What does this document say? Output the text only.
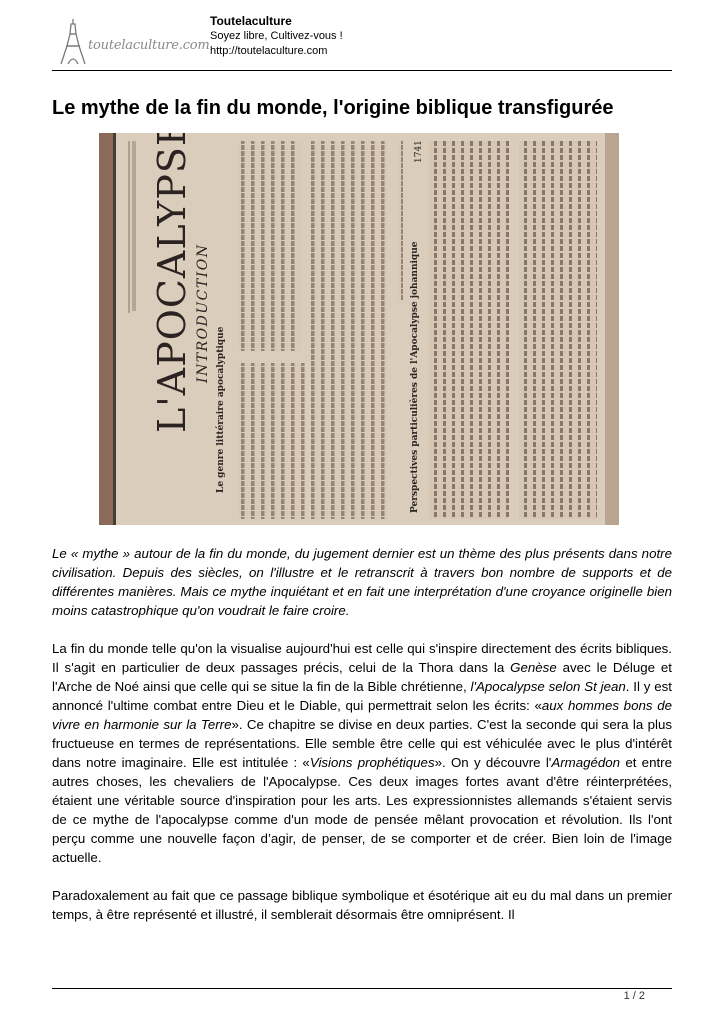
toutelaculture.com
Toutelaculture
Soyez libre, Cultivez-vous !
http://toutelaculture.com
Le mythe de la fin du monde, l'origine biblique transfigurée
Le genre littéraire apocalyptique	Perspectives particulières de l'Apocalypse johannique
L'APOCALYPSE INTRODUCTION
1741

Le « mythe » autour de la fin du monde, du jugement dernier est un thème des plus présents dans notre civilisation. Depuis des siècles, on l'illustre et le retranscrit à travers bon nombre de supports et de différentes manières. Mais ce mythe inquiétant et en fait une interprétation d'une croyance originelle bien moins catastrophique qu'on voudrait le faire croire.

La fin du monde telle qu'on la visualise aujourd'hui est celle qui s'inspire directement des écrits bibliques. Il s'agit en particulier de deux passages précis, celui de la Thora dans la Genèse avec le Déluge et l'Arche de Noé ainsi que celle qui se situe la fin de la Bible chrétienne, l'Apocalypse selon St jean. Il y est annoncé l'ultime combat entre Dieu et le Diable, qui permettrait selon les écrits: «aux hommes bons de vivre en harmonie sur la Terre». Ce chapitre se divise en deux parties. C'est la seconde qui sera la plus fructueuse en termes de représentations. Elle semble être celle qui est véhiculée avec le plus d'intérêt dans notre imaginaire. Elle est intitulée : «Visions prophétiques». On y découvre l'Armagédon et entre autres choses, les chevaliers de l'Apocalypse. Ces deux images fortes avant d'être réinterprétées, étaient une véritable source d'inspiration pour les arts. Les expressionnistes allemands s'étaient servis de ce mythe de l'apocalypse comme d'un mode de pensée mêlant provocation et révolution. Ils l'ont perçu comme une nouvelle façon d’agir, de penser, de se comporter et de créer. Bien loin de l'image actuelle.

Paradoxalement au fait que ce passage biblique symbolique et ésotérique ait eu du mal dans un premier temps, à être représenté et illustré, il semblerait désormais être omniprésent. Il

1 / 2
